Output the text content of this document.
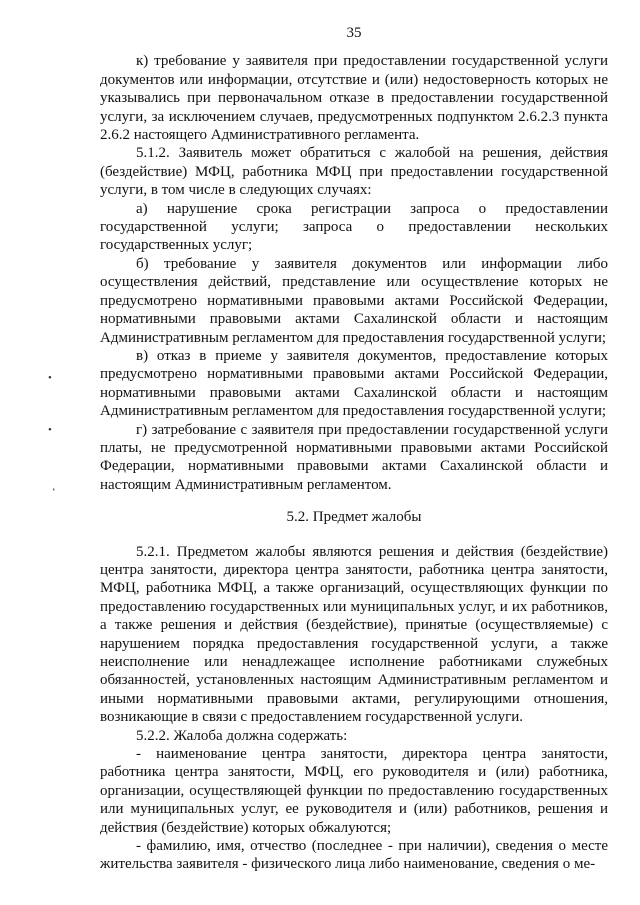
•
•
‘
35

к) требование у заявителя при предоставлении государственной услуги документов или информации, отсутствие и (или) недостоверность которых не указывались при первоначальном отказе в предоставлении государственной услуги, за исключением случаев, предусмотренных подпунктом 2.6.2.3 пункта 2.6.2 настоящего Административного регламента.

5.1.2. Заявитель может обратиться с жалобой на решения, действия (бездействие) МФЦ, работника МФЦ при предоставлении государственной услуги, в том числе в следующих случаях:

а) нарушение срока регистрации запроса о предоставлении государственной услуги; запроса о предоставлении нескольких государственных услуг;

б) требование у заявителя документов или информации либо осуществления действий, представление или осуществление которых не предусмотрено нормативными правовыми актами Российской Федерации, нормативными правовыми актами Сахалинской области и настоящим Административным регламентом для предоставления государственной услуги;

в) отказ в приеме у заявителя документов, предоставление которых предусмотрено нормативными правовыми актами Российской Федерации, нормативными правовыми актами Сахалинской области и настоящим Административным регламентом для предоставления государственной услуги;

г) затребование с заявителя при предоставлении государственной услуги платы, не предусмотренной нормативными правовыми актами Российской Федерации, нормативными правовыми актами Сахалинской области и настоящим Административным регламентом.

5.2. Предмет жалобы

5.2.1. Предметом жалобы являются решения и действия (бездействие) центра занятости, директора центра занятости, работника центра занятости, МФЦ, работника МФЦ, а также организаций, осуществляющих функции по предоставлению государственных или муниципальных услуг, и их работников, а также решения и действия (бездействие), принятые (осуществляемые) с нарушением порядка предоставления государственной услуги, а также неисполнение или ненадлежащее исполнение работниками служебных обязанностей, установленных настоящим Административным регламентом и иными нормативными правовыми актами, регулирующими отношения, возникающие в связи с предоставлением государственной услуги.

5.2.2. Жалоба должна содержать:

- наименование центра занятости, директора центра занятости, работника центра занятости, МФЦ, его руководителя и (или) работника, организации, осуществляющей функции по предоставлению государственных или муниципальных услуг, ее руководителя и (или) работников, решения и действия (бездействие) которых обжалуются;

- фамилию, имя, отчество (последнее - при наличии), сведения о месте жительства заявителя - физического лица либо наименование, сведения о ме-
